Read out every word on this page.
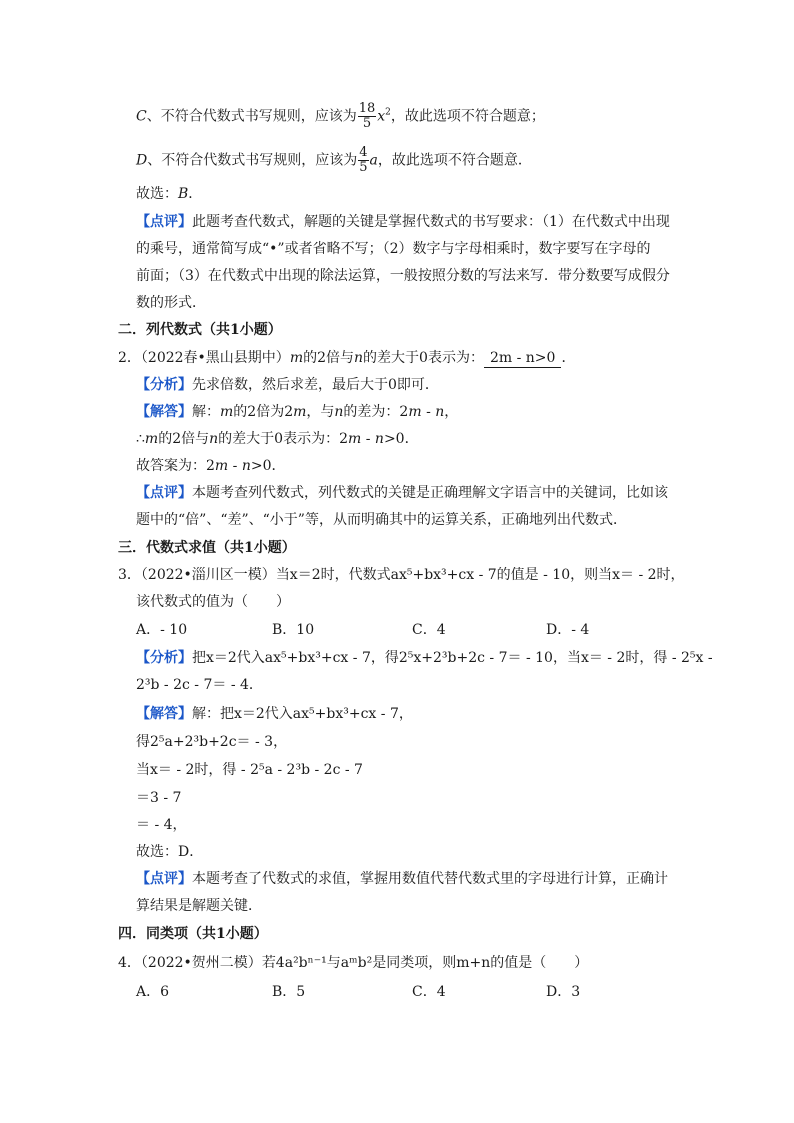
C、不符合代数式书写规则，应该为 $\frac{18}{5} x^2$，故此选项不符合题意；
D、不符合代数式书写规则，应该为 $\frac{4}{5}$ a，故此选项不符合题意．
故选：B．
【点评】此题考查代数式，解题的关键是掌握代数式的书写要求：（1）在代数式中出现
的乘号，通常简写成“•”或者省略不写；（2）数字与字母相乘时，数字要写在字母的
前面；（3）在代数式中出现的除法运算，一般按照分数的写法来写．带分数要写成假分
数的形式．
二．列代数式（共1小题）
2．（2022春•黑山县期中）m的2倍与n的差大于0表示为： 2m - n>0 ．
【分析】先求倍数，然后求差，最后大于0即可．
【解答】解：m的2倍为2m，与n的差为：2m - n，
∴m的2倍与n的差大于0表示为：2m - n>0．
故答案为：2m - n>0．
【点评】本题考查列代数式，列代数式的关键是正确理解文字语言中的关键词，比如该
题中的“倍”、“差”、“小于”等，从而明确其中的运算关系，正确地列出代数式．
三．代数式求值（共1小题）
3．（2022•淄川区一模）当x＝2时，代数式ax⁵+bx³+cx - 7的值是 - 10，则当x＝ - 2时，
该代数式的值为（　　）
A．- 10	B．10	C．4	D．- 4
【分析】把x＝2代入ax⁵+bx³+cx - 7，得2⁵x+2³b+2c - 7＝ - 10，当x＝ - 2时，得 - 2⁵x -
2³b - 2c - 7＝ - 4．
【解答】解：把x＝2代入ax⁵+bx³+cx - 7，
得2⁵a+2³b+2c＝ - 3，
当x＝ - 2时，得 - 2⁵a - 2³b - 2c - 7
＝3 - 7
＝ - 4，
故选：D．
【点评】本题考查了代数式的求值，掌握用数值代替代数式里的字母进行计算，正确计
算结果是解题关键．
四．同类项（共1小题）
4．（2022•贺州二模）若4a²bⁿ⁻¹与aᵐb²是同类项，则m+n的值是（　　）
A．6	B．5	C．4	D．3
